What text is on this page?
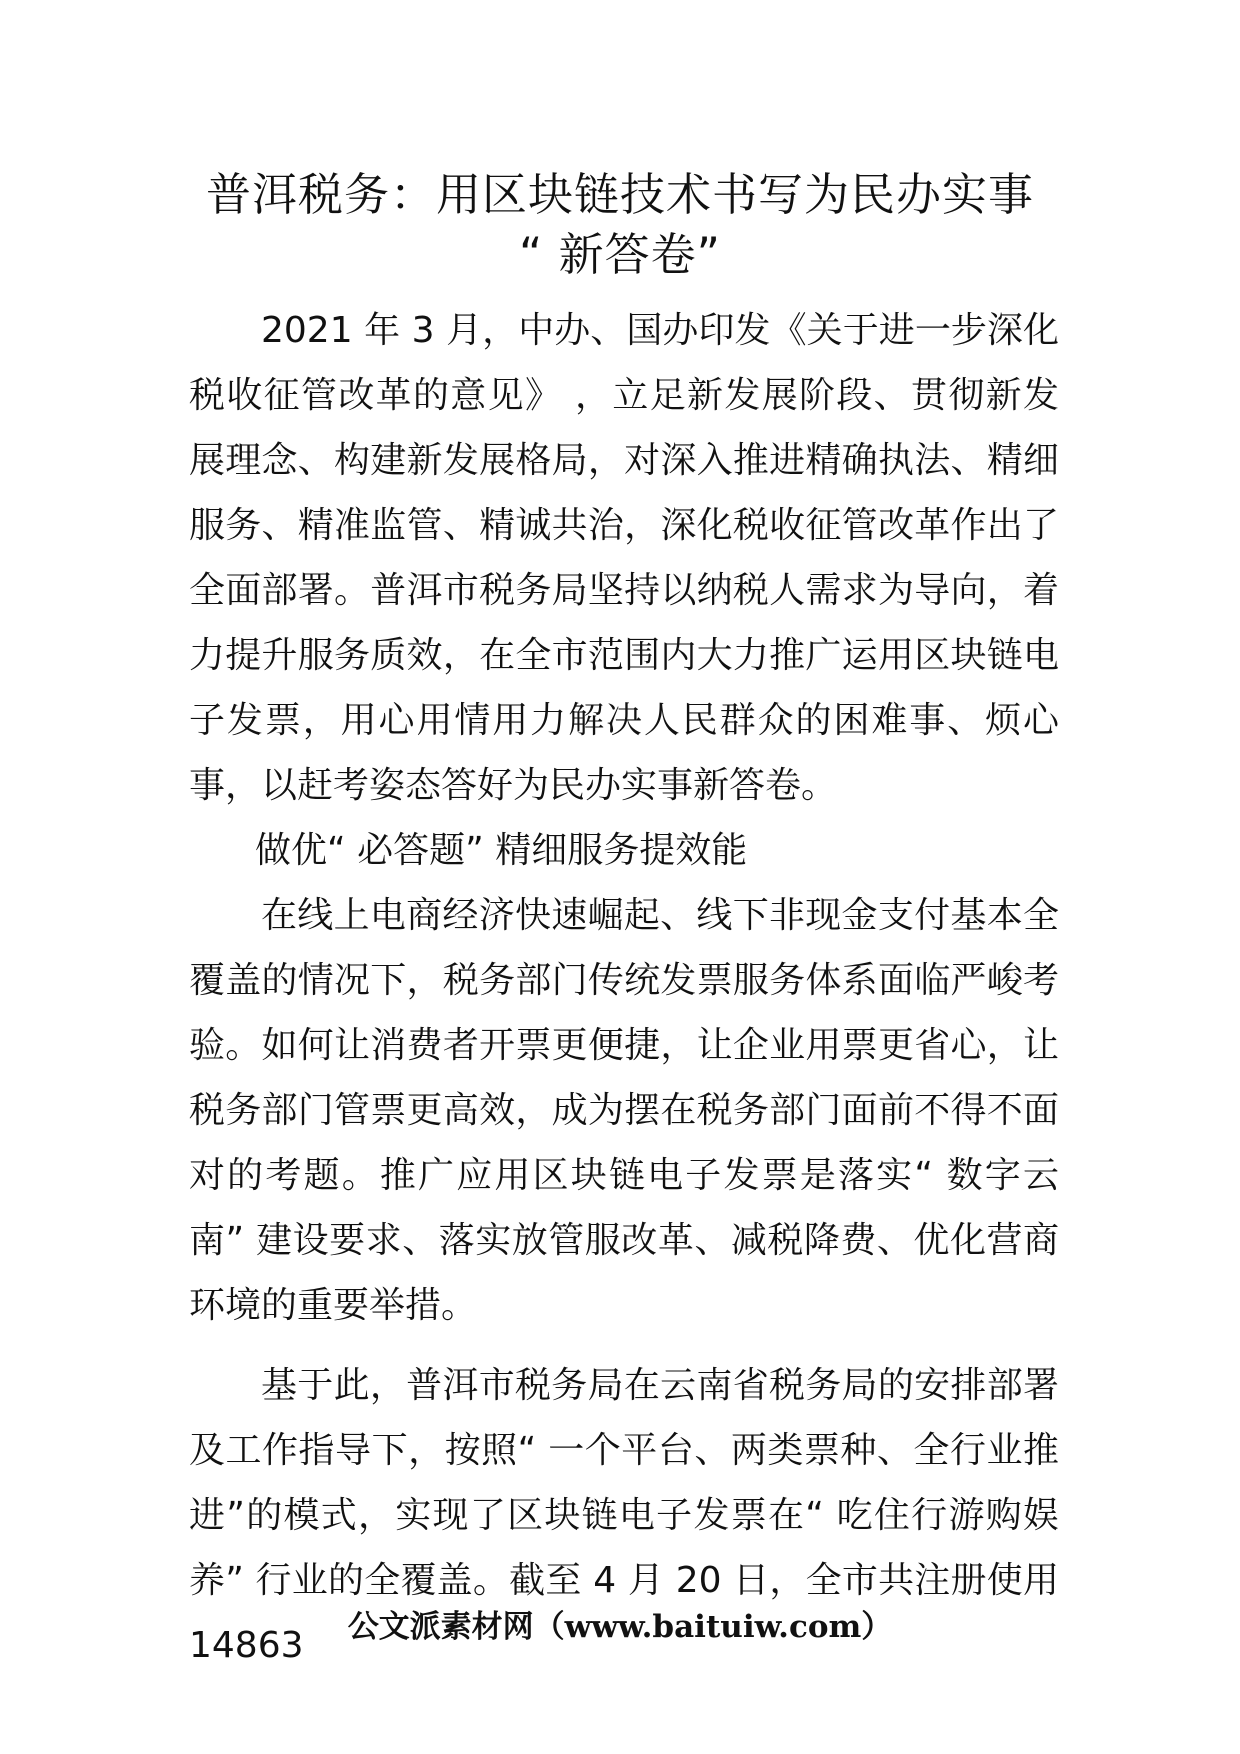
普洱税务：用区块链技术书写为民办实事
“ 新答卷”

2021 年 3 月，中办、国办印发《关于进一步深化税收征管改革的意见》 ，立足新发展阶段、贯彻新发展理念、构建新发展格局，对深入推进精确执法、精细服务、精准监管、精诚共治，深化税收征管改革作出了全面部署。普洱市税务局坚持以纳税人需求为导向，着力提升服务质效，在全市范围内大力推广运用区块链电子发票，用心用情用力解决人民群众的困难事、烦心事，以赶考姿态答好为民办实事新答卷。

做优“ 必答题” 精细服务提效能

在线上电商经济快速崛起、线下非现金支付基本全覆盖的情况下，税务部门传统发票服务体系面临严峻考验。如何让消费者开票更便捷，让企业用票更省心，让税务部门管票更高效，成为摆在税务部门面前不得不面对的考题。推广应用区块链电子发票是落实“ 数字云南” 建设要求、落实放管服改革、减税降费、优化营商环境的重要举措。

基于此，普洱市税务局在云南省税务局的安排部署及工作指导下，按照“ 一个平台、两类票种、全行业推进”的模式，实现了区块链电子发票在“ 吃住行游购娱养” 行业的全覆盖。截至 4 月 20 日，全市共注册使用 14863	公文派素材网（www.baituiw.com）
